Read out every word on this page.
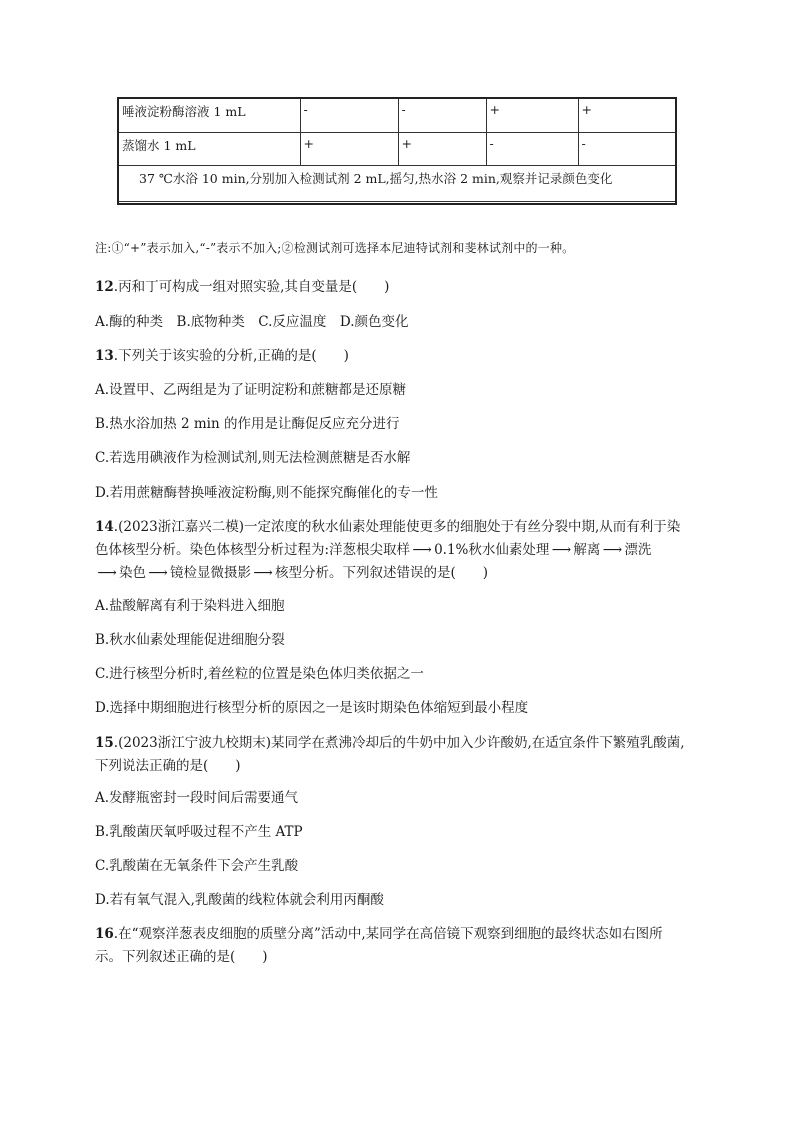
唾液淀粉酶溶液 1 mL	-	-	+	+
蒸馏水 1 mL	+	+	-	-
37 ℃水浴 10 min,分别加入检测试剂 2 mL,摇匀,热水浴 2 min,观察并记录颜色变化				
注:①“+”表示加入,“-”表示不加入;②检测试剂可选择本尼迪特试剂和斐林试剂中的一种。
12.丙和丁可构成一组对照实验,其自变量是(　　)
A.酶的种类　B.底物种类　C.反应温度　D.颜色变化
13.下列关于该实验的分析,正确的是(　　)
A.设置甲、乙两组是为了证明淀粉和蔗糖都是还原糖
B.热水浴加热 2 min 的作用是让酶促反应充分进行
C.若选用碘液作为检测试剂,则无法检测蔗糖是否水解
D.若用蔗糖酶替换唾液淀粉酶,则不能探究酶催化的专一性
14.(2023浙江嘉兴二模)一定浓度的秋水仙素处理能使更多的细胞处于有丝分裂中期,从而有利于染
色体核型分析。染色体核型分析过程为:洋葱根尖取样 ⟶ 0.1%秋水仙素处理 ⟶ 解离 ⟶ 漂洗
⟶ 染色 ⟶ 镜检显微摄影 ⟶ 核型分析。下列叙述错误的是(　　)
A.盐酸解离有利于染料进入细胞
B.秋水仙素处理能促进细胞分裂
C.进行核型分析时,着丝粒的位置是染色体归类依据之一
D.选择中期细胞进行核型分析的原因之一是该时期染色体缩短到最小程度
15.(2023浙江宁波九校期末)某同学在煮沸冷却后的牛奶中加入少许酸奶,在适宜条件下繁殖乳酸菌,
下列说法正确的是(　　)
A.发酵瓶密封一段时间后需要通气
B.乳酸菌厌氧呼吸过程不产生 ATP
C.乳酸菌在无氧条件下会产生乳酸
D.若有氧气混入,乳酸菌的线粒体就会利用丙酮酸
16.在“观察洋葱表皮细胞的质壁分离”活动中,某同学在高倍镜下观察到细胞的最终状态如右图所
示。下列叙述正确的是(　　)
